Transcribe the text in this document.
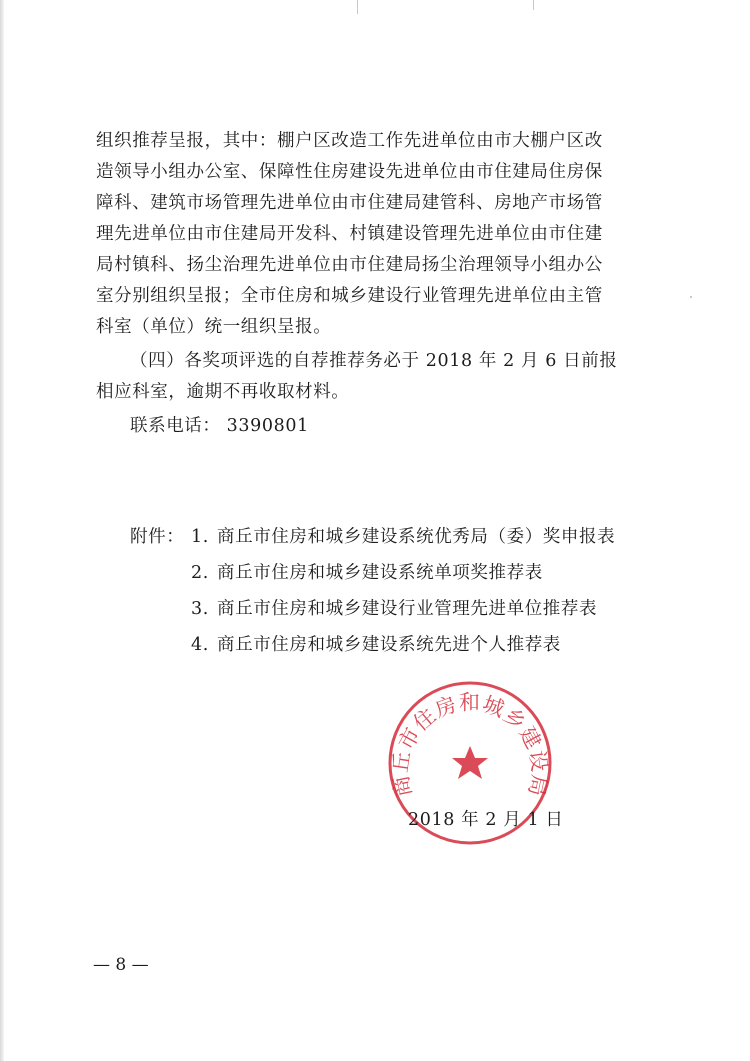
组织推荐呈报，其中：棚户区改造工作先进单位由市大棚户区改
造领导小组办公室、保障性住房建设先进单位由市住建局住房保
障科、建筑市场管理先进单位由市住建局建管科、房地产市场管
理先进单位由市住建局开发科、村镇建设管理先进单位由市住建
局村镇科、扬尘治理先进单位由市住建局扬尘治理领导小组办公
室分别组织呈报；全市住房和城乡建设行业管理先进单位由主管
科室（单位）统一组织呈报。
（四）各奖项评选的自荐推荐务必于 2018 年 2 月 6 日前报
相应科室，逾期不再收取材料。
联系电话： 3390801
附件： 1. 商丘市住房和城乡建设系统优秀局（委）奖申报表
2. 商丘市住房和城乡建设系统单项奖推荐表
3. 商丘市住房和城乡建设行业管理先进单位推荐表
4. 商丘市住房和城乡建设系统先进个人推荐表
商丘市住房和城乡建设局
2018 年 2 月 1 日
— 8 —
